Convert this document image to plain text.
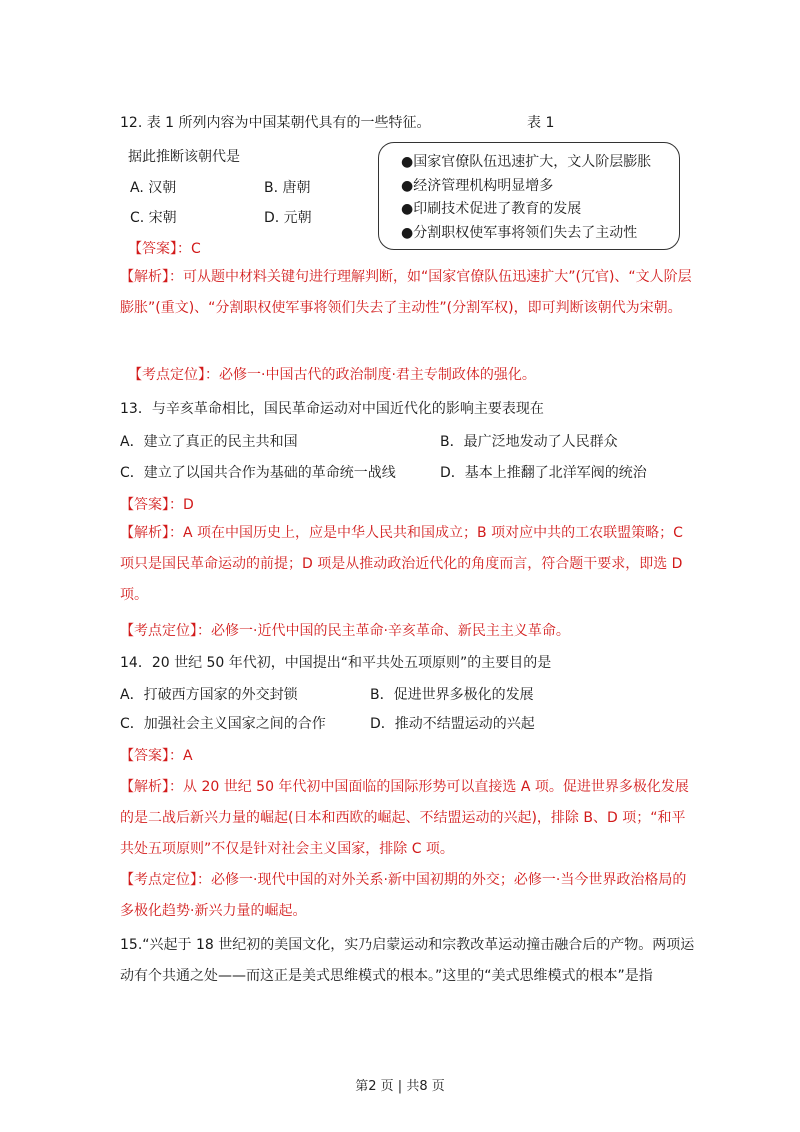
12. 表 1 所列内容为中国某朝代具有的一些特征。	表 1
据此推断该朝代是
A. 汉朝	B. 唐朝
C. 宋朝	D. 元朝
●国家官僚队伍迅速扩大，文人阶层膨胀
●经济管理机构明显增多
●印刷技术促进了教育的发展
●分割职权使军事将领们失去了主动性
【答案】：C
【解析】：可从题中材料关键句进行理解判断，如“国家官僚队伍迅速扩大”(冗官)、“文人阶层膨胀”(重文)、“分割职权使军事将领们失去了主动性”(分割军权)，即可判断该朝代为宋朝。
【考点定位】：必修一·中国古代的政治制度·君主专制政体的强化。
13．与辛亥革命相比，国民革命运动对中国近代化的影响主要表现在
A．建立了真正的民主共和国	B．最广泛地发动了人民群众
C．建立了以国共合作为基础的革命统一战线	D．基本上推翻了北洋军阀的统治
【答案】：D
【解析】：A 项在中国历史上，应是中华人民共和国成立；B 项对应中共的工农联盟策略；C 项只是国民革命运动的前提；D 项是从推动政治近代化的角度而言，符合题干要求，即选 D 项。
【考点定位】：必修一·近代中国的民主革命·辛亥革命、新民主主义革命。
14．20 世纪 50 年代初，中国提出“和平共处五项原则”的主要目的是
A．打破西方国家的外交封锁	B．促进世界多极化的发展
C．加强社会主义国家之间的合作	D．推动不结盟运动的兴起
【答案】：A
【解析】：从 20 世纪 50 年代初中国面临的国际形势可以直接选 A 项。促进世界多极化发展的是二战后新兴力量的崛起(日本和西欧的崛起、不结盟运动的兴起)，排除 B、D 项；“和平共处五项原则”不仅是针对社会主义国家，排除 C 项。
【考点定位】：必修一·现代中国的对外关系·新中国初期的外交；必修一·当今世界政治格局的多极化趋势·新兴力量的崛起。
15.“兴起于 18 世纪初的美国文化，实乃启蒙运动和宗教改革运动撞击融合后的产物。两项运动有个共通之处——而这正是美式思维模式的根本。”这里的“美式思维模式的根本”是指
第2 页 | 共8 页
